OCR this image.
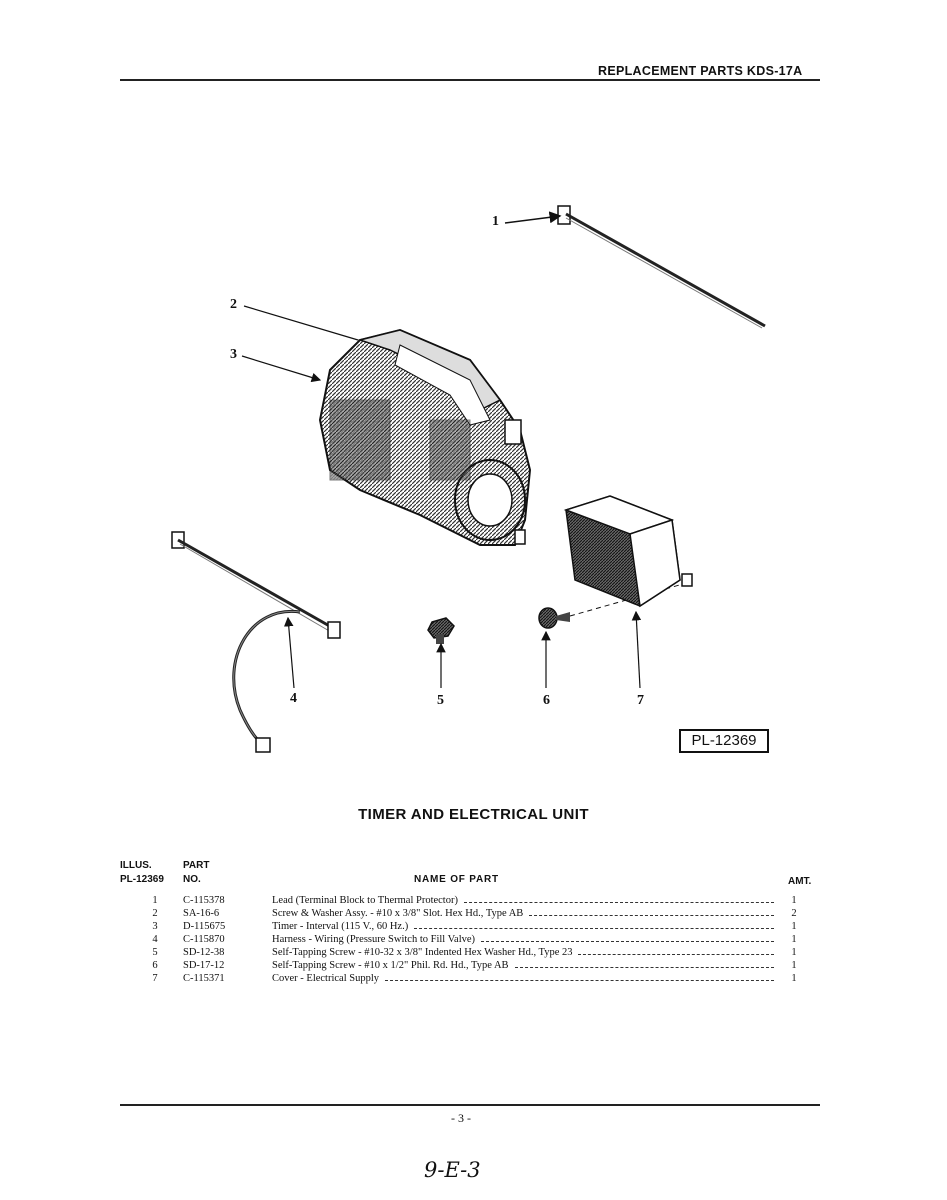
REPLACEMENT PARTS KDS-17A
1
2
3
4	5	6	7
PL-12369
TIMER AND ELECTRICAL UNIT
ILLUS.
PL-12369
PART
NO.	NAME OF PART	AMT.
1	C-115378	Lead (Terminal Block to Thermal Protector)	1
2	SA-16-6	Screw & Washer Assy. - #10 x 3/8" Slot. Hex Hd., Type AB	2
3	D-115675	Timer - Interval (115 V., 60 Hz.)	1
4	C-115870	Harness - Wiring (Pressure Switch to Fill Valve)	1
5	SD-12-38	Self-Tapping Screw - #10-32 x 3/8" Indented Hex Washer Hd., Type 23	1
6	SD-17-12	Self-Tapping Screw - #10 x 1/2" Phil. Rd. Hd., Type AB	1
7	C-115371	Cover - Electrical Supply	1
- 3 -
9-E-3
